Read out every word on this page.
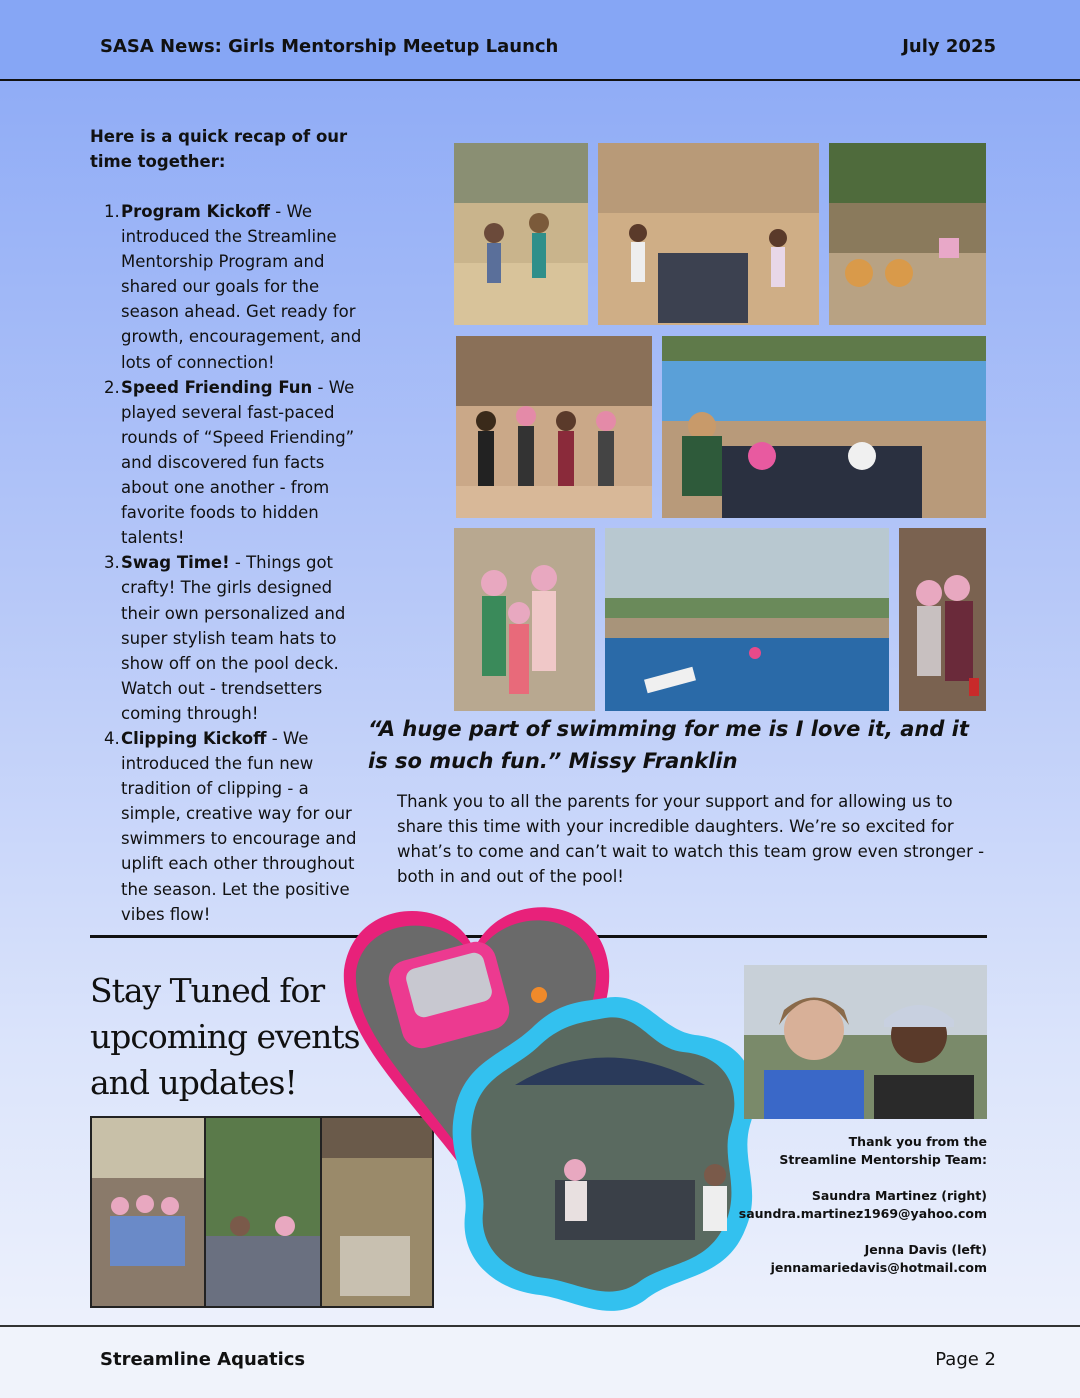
SASA News: Girls Mentorship Meetup Launch	July 2025
Here is a quick recap of our time together:
1. Program Kickoff - We introduced the Streamline Mentorship Program and shared our goals for the season ahead. Get ready for growth, encouragement, and lots of connection!
2. Speed Friending Fun - We played several fast-paced rounds of “Speed Friending” and discovered fun facts about one another - from favorite foods to hidden talents!
3. Swag Time! - Things got crafty! The girls designed their own personalized and super stylish team hats to show off on the pool deck. Watch out - trendsetters coming through!
4. Clipping Kickoff - We introduced the fun new tradition of clipping - a simple, creative way for our swimmers to encourage and uplift each other throughout the season. Let the positive vibes flow!
“A huge part of swimming for me is I love it, and it is so much fun.” Missy Franklin
Thank you to all the parents for your support and for allowing us to share this time with your incredible daughters. We’re so excited for what’s to come and can’t wait to watch this team grow even stronger - both in and out of the pool!
Stay Tuned for upcoming events and updates!
Thank you from the
Streamline Mentorship Team:
Saundra Martinez (right)
saundra.martinez1969@yahoo.com
Jenna Davis (left)
jennamariedavis@hotmail.com
Streamline Aquatics	Page 2
